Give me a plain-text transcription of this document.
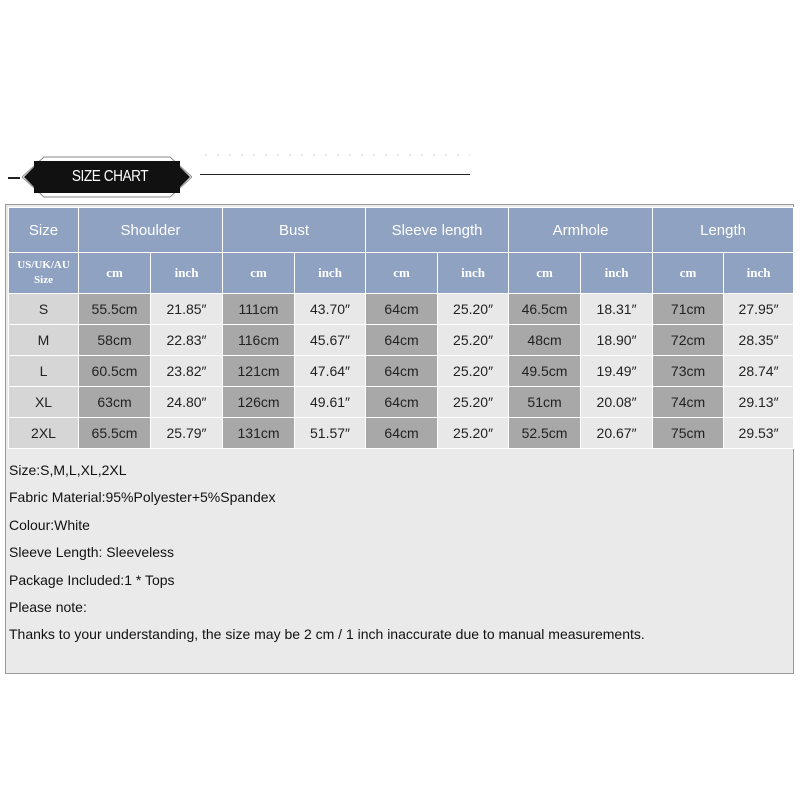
SIZE CHART
Size	Shoulder		Bust		Sleeve length		Armhole		Length	

US/UK/AU
Size	cm	inch	cm	inch	cm	inch	cm	inch	cm	inch
S	55.5cm	21.85″	111cm	43.70″	64cm	25.20″	46.5cm	18.31″	71cm	27.95″
M	58cm	22.83″	116cm	45.67″	64cm	25.20″	48cm	18.90″	72cm	28.35″
L	60.5cm	23.82″	121cm	47.64″	64cm	25.20″	49.5cm	19.49″	73cm	28.74″
XL	63cm	24.80″	126cm	49.61″	64cm	25.20″	51cm	20.08″	74cm	29.13″
2XL	65.5cm	25.79″	131cm	51.57″	64cm	25.20″	52.5cm	20.67″	75cm	29.53″
Size:S,M,L,XL,2XL
Fabric Material:95%Polyester+5%Spandex
Colour:White
Sleeve Length: Sleeveless
Package Included:1 * Tops
Please note:
Thanks to your understanding, the size may be 2 cm / 1 inch inaccurate due to manual measurements.
